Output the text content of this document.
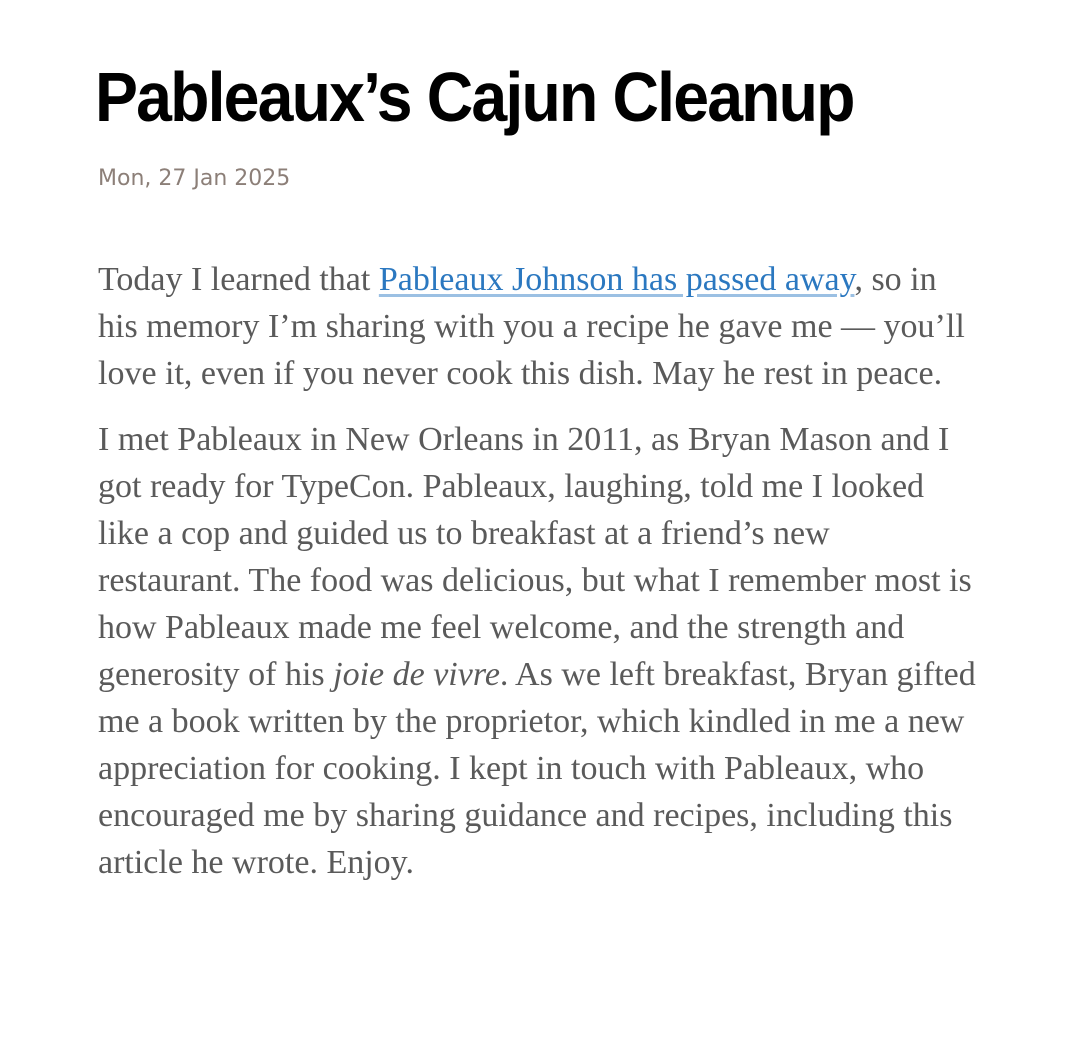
Pableaux’s Cajun Cleanup
Mon, 27 Jan 2025

Today I learned that Pableaux Johnson has passed away, so in his memory I’m sharing with you a recipe he gave me — you’ll love it, even if you never cook this dish. May he rest in peace.

I met Pableaux in New Orleans in 2011, as Bryan Mason and I got ready for TypeCon. Pableaux, laughing, told me I looked like a cop and guided us to breakfast at a friend’s new restaurant. The food was delicious, but what I remember most is how Pableaux made me feel welcome, and the strength and generosity of his joie de vivre. As we left breakfast, Bryan gifted me a book written by the proprietor, which kindled in me a new appreciation for cooking. I kept in touch with Pableaux, who encouraged me by sharing guidance and recipes, including this article he wrote. Enjoy.
